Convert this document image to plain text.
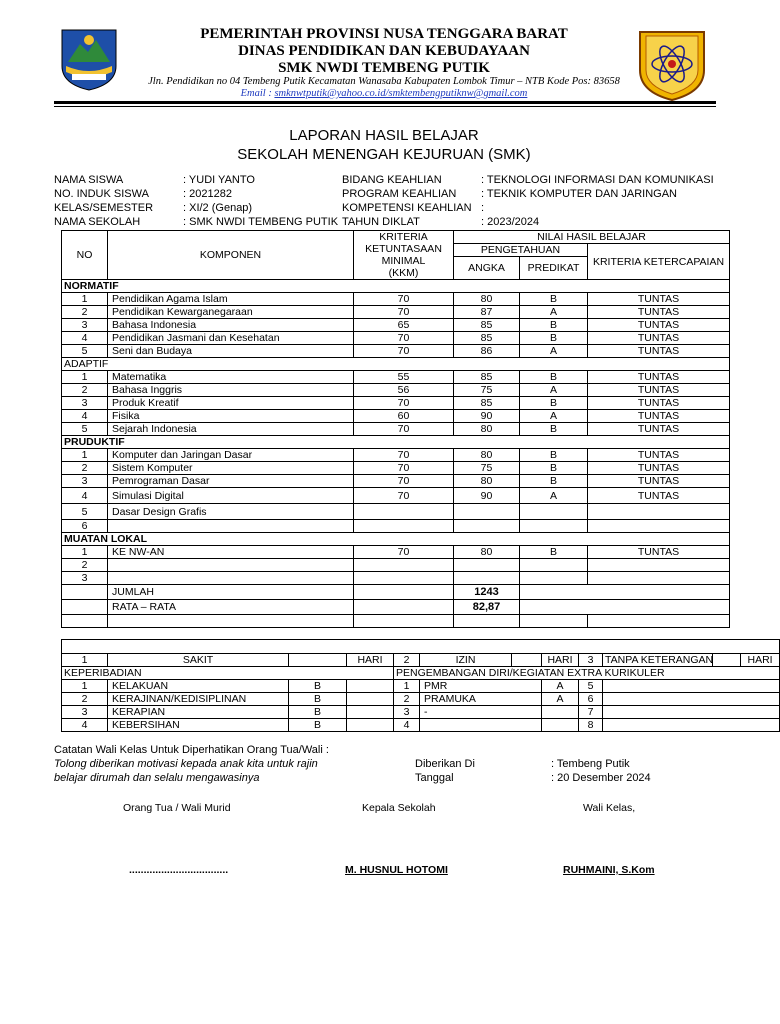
PEMERINTAH PROVINSI NUSA TENGGARA BARAT
DINAS PENDIDIKAN DAN KEBUDAYAAN
SMK NWDI TEMBENG PUTIK
Jln. Pendidikan no 04 Tembeng Putik Kecamatan Wanasaba Kabupaten Lombok Timur – NTB Kode Pos: 83658
Email : smknwtputik@yahoo.co.id/smktembengputiknw@gmail.com
LAPORAN HASIL BELAJAR
SEKOLAH MENENGAH KEJURUAN (SMK)
NAMA SISWA	: YUDI YANTO
NO. INDUK SISWA	: 2021282
KELAS/SEMESTER	: XI/2 (Genap)
NAMA SEKOLAH	: SMK NWDI TEMBENG PUTIK
BIDANG KEAHLIAN	: TEKNOLOGI INFORMASI DAN KOMUNIKASI
PROGRAM KEAHLIAN : TEKNIK KOMPUTER DAN JARINGAN
KOMPETENSI KEAHLIAN :
TAHUN DIKLAT	: 2023/2024
NO	KOMPONEN	KRITERIA
KETUNTASAAN
MINIMAL
(KKM)	NILAI HASIL BELAJAR		
			PENGETAHUAN		KRITERIA KETERCAPAIAN
			ANGKA	PREDIKAT	
NORMATIF					
1	Pendidikan Agama Islam	70	80	B	TUNTAS
2	Pendidikan Kewarganegaraan	70	87	A	TUNTAS
3	Bahasa Indonesia	65	85	B	TUNTAS
4	Pendidikan Jasmani dan Kesehatan	70	85	B	TUNTAS
5	Seni dan Budaya	70	86	A	TUNTAS
ADAPTIF					
1	Matematika	55	85	B	TUNTAS
2	Bahasa Inggris	56	75	A	TUNTAS
3	Produk Kreatif	70	85	B	TUNTAS
4	Fisika	60	90	A	TUNTAS
5	Sejarah Indonesia	70	80	B	TUNTAS
PRUDUKTIF					
1	Komputer dan Jaringan Dasar	70	80	B	TUNTAS
2	Sistem Komputer	70	75	B	TUNTAS
3	Pemrograman Dasar	70	80	B	TUNTAS
4	Simulasi Digital	70	90	A	TUNTAS
5	Dasar Design Grafis				
6					
MUATAN LOKAL					
1	KE NW-AN	70	80	B	TUNTAS
2					
3					
	JUMLAH		1243		
	RATA – RATA		82,87		

1	SAKIT		HARI	2	IZIN		HARI	3	TANPA KETERANGAN		HARI
KEPERIBADIAN				PENGEMBANGAN DIRI/KEGIATAN EXTRA KURIKULER							
1	KELAKUAN	B		1	PMR		A	5			
2	KERAJINAN/KEDISIPLINAN	B		2	PRAMUKA		A	6			
3	KERAPIAN	B		3	-			7			
4	KEBERSIHAN	B		4				8			
Catatan Wali Kelas Untuk Diperhatikan Orang Tua/Wali :
Tolong diberikan motivasi kepada anak kita untuk rajin
belajar dirumah dan selalu mengawasinya
Diberikan Di	: Tembeng Putik
Tanggal	: 20 Desember 2024
Orang Tua / Wali Murid	Kepala Sekolah	Wali Kelas,
..................................	M. HUSNUL HOTOMI	RUHMAINI, S.Kom
